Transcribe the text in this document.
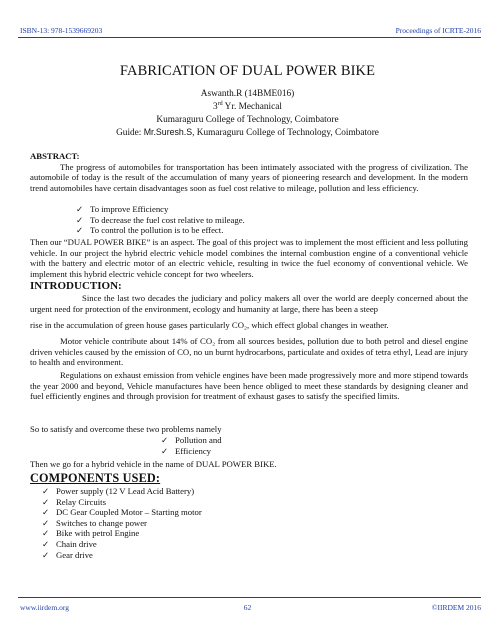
ISBN-13: 978-1539669203	Proceedings of ICRTE-2016
FABRICATION OF DUAL POWER BIKE
Aswanth.R (14BME016)
3rd Yr. Mechanical
Kumaraguru College of Technology, Coimbatore
Guide: Mr.Suresh.S, Kumaraguru College of Technology, Coimbatore
ABSTRACT:
The progress of automobiles for transportation has been intimately associated with the progress of civilization. The automobile of today is the result of the accumulation of many years of pioneering research and development. In the modern trend automobiles have certain disadvantages soon as fuel cost relative to mileage, pollution and less efficiency.
✓ To improve Efficiency
✓ To decrease the fuel cost relative to mileage.
✓ To control the pollution is to be effect.
Then our “DUAL POWER BIKE” is an aspect. The goal of this project was to implement the most efficient and less polluting vehicle. In our project the hybrid electric vehicle model combines the internal combustion engine of a conventional vehicle with the battery and electric motor of an electric vehicle, resulting in twice the fuel economy of conventional vehicle. We implement this hybrid electric vehicle concept for two wheelers.
INTRODUCTION:
Since the last two decades the judiciary and policy makers all over the world are deeply concerned about the urgent need for protection of the environment, ecology and humanity at large, there has been a steep
rise in the accumulation of green house gases particularly CO₂, which effect global changes in weather.
Motor vehicle contribute about 14% of CO₂ from all sources besides, pollution due to both petrol and diesel engine driven vehicles caused by the emission of CO, no un burnt hydrocarbons, particulate and oxides of tetra ethyl, Lead are injury to health and environment.
Regulations on exhaust emission from vehicle engines have been made progressively more and more stipend towards the year 2000 and beyond, Vehicle manufactures have been hence obliged to meet these standards by designing cleaner and fuel efficiently engines and through provision for treatment of exhaust gases to satisfy the specified limits.
So to satisfy and overcome these two problems namely
✓ Pollution and
✓ Efficiency
Then we go for a hybrid vehicle in the name of DUAL POWER BIKE.
COMPONENTS USED:
✓ Power supply (12 V Lead Acid Battery)
✓ Relay Circuits
✓ DC Gear Coupled Motor – Starting motor
✓ Switches to change power
✓ Bike with petrol Engine
✓ Chain drive
✓ Gear drive
www.iirdem.org	62	©IIRDEM 2016
